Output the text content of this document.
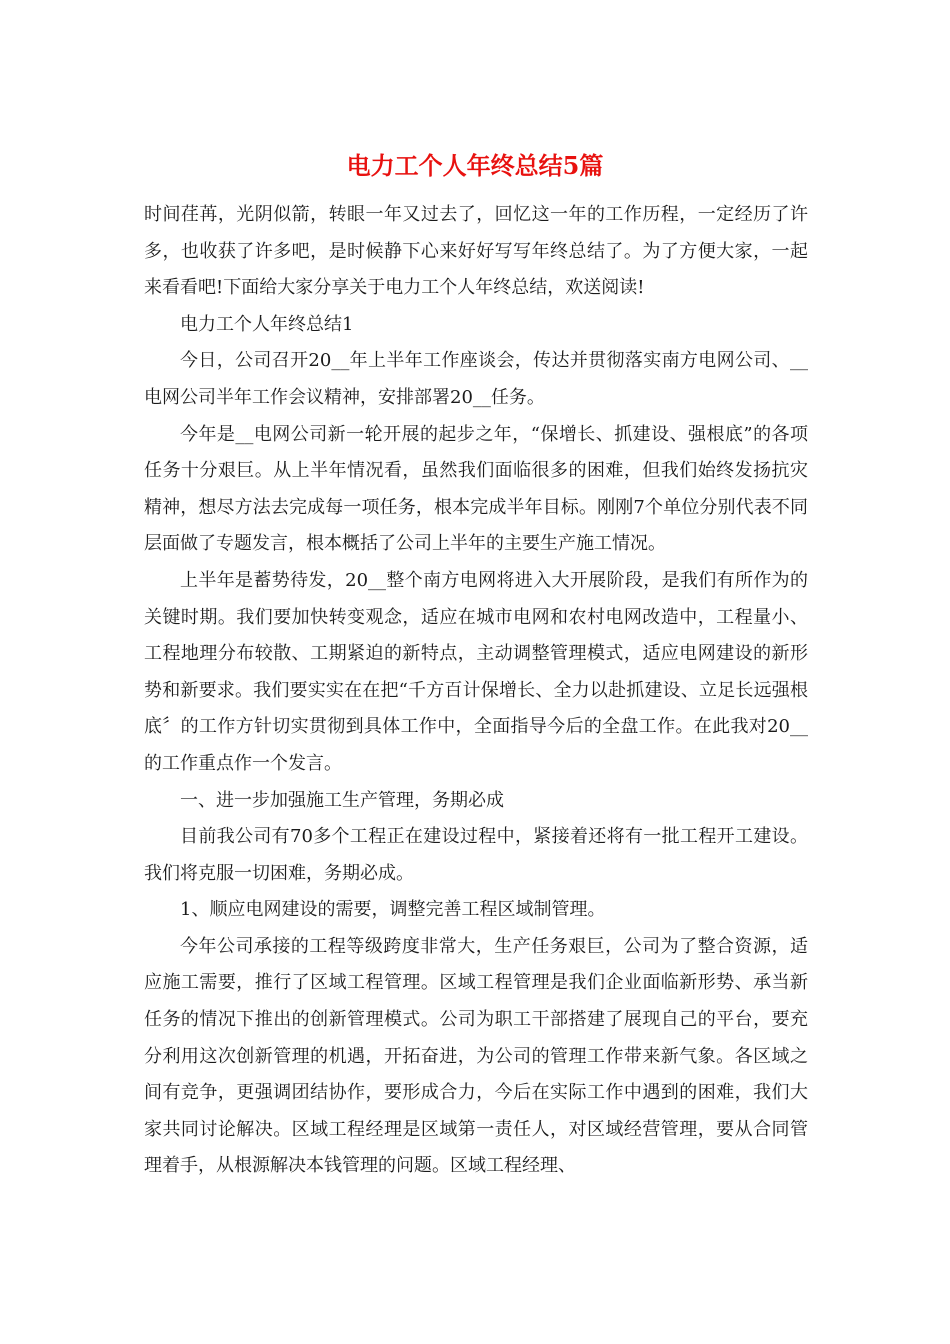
电力工个人年终总结5篇

时间荏苒，光阴似箭，转眼一年又过去了，回忆这一年的工作历程，一定经历了许多，也收获了许多吧，是时候静下心来好好写写年终总结了。为了方便大家，一起来看看吧!下面给大家分享关于电力工个人年终总结，欢送阅读!

电力工个人年终总结1

今日，公司召开20__年上半年工作座谈会，传达并贯彻落实南方电网公司、__电网公司半年工作会议精神，安排部署20__任务。

今年是__电网公司新一轮开展的起步之年，“保增长、抓建设、强根底”的各项任务十分艰巨。从上半年情况看，虽然我们面临很多的困难，但我们始终发扬抗灾精神，想尽方法去完成每一项任务，根本完成半年目标。刚刚7个单位分别代表不同层面做了专题发言，根本概括了公司上半年的主要生产施工情况。

上半年是蓄势待发，20__整个南方电网将进入大开展阶段，是我们有所作为的关键时期。我们要加快转变观念，适应在城市电网和农村电网改造中，工程量小、工程地理分布较散、工期紧迫的新特点，主动调整管理模式，适应电网建设的新形势和新要求。我们要实实在在把“千方百计保增长、全力以赴抓建设、立足长远强根底〞的工作方针切实贯彻到具体工作中，全面指导今后的全盘工作。在此我对20__的工作重点作一个发言。

一、进一步加强施工生产管理，务期必成

目前我公司有70多个工程正在建设过程中，紧接着还将有一批工程开工建设。我们将克服一切困难，务期必成。

1、顺应电网建设的需要，调整完善工程区域制管理。

今年公司承接的工程等级跨度非常大，生产任务艰巨，公司为了整合资源，适应施工需要，推行了区域工程管理。区域工程管理是我们企业面临新形势、承当新任务的情况下推出的创新管理模式。公司为职工干部搭建了展现自己的平台，要充分利用这次创新管理的机遇，开拓奋进，为公司的管理工作带来新气象。各区域之间有竞争，更强调团结协作，要形成合力，今后在实际工作中遇到的困难，我们大家共同讨论解决。区域工程经理是区域第一责任人，对区域经营管理，要从合同管理着手，从根源解决本钱管理的问题。区域工程经理、
